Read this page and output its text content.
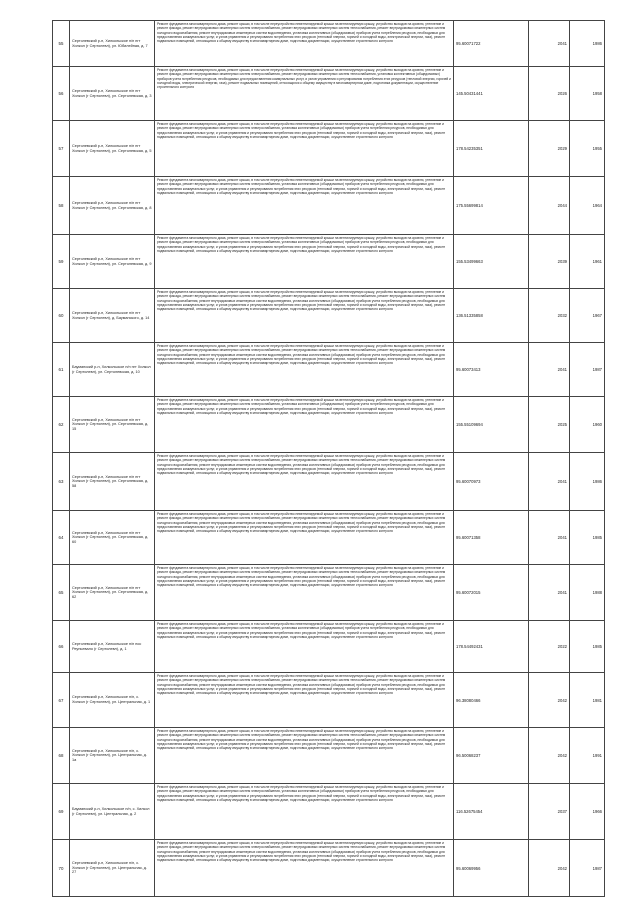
55	Сертолевский р-н, Хилкольское п/п пгт Хилкол (г Сертолевл), ул. Юбилейная, д. 7	Ремонт фундамента многоквартирного дома, ремонт крыши, в том числе переустройство невентилируемой крыши на вентилируемую крышу, устройство выходов на кровлю, утепление и ремонт фасада, ремонт внутридомовых инженерных систем электроснабжения, ремонт внутридомовых инженерных систем теплоснабжения, ремонт внутридомовых инженерных систем холодного водоснабжения, ремонт внутридомовых инженерных систем водоотведения, установка коллективных (общедомовых) приборов учета потребления ресурсов, необходимых для предоставления коммунальных услуг, и узлов управления и регулирования потребления этих ресурсов (тепловой энергии, горячей и холодной воды, электрической энергии, газа), ремонт подвальных помещений, относящихся к общему имуществу в многоквартирном доме, подготовка документации, осуществление строительного контроля	95.60071722	2041	1986
56	Сертолевский р-н, Хилкольское п/п пгт Хилкол (г Сертолевл), ул. Сертолевская, д. 3	Ремонт фундамента многоквартирного дома, ремонт крыши, в том числе переустройство невентилируемой крыши на вентилируемую крышу, устройство выходов на кровлю, утепление и ремонт фасада, ремонт внутридомовых инженерных систем электроснабжения, ремонт внутридомовых инженерных систем теплоснабжения, установка коллективных (общедомовых) приборов учета потребления ресурсов, необходимых для предоставления коммунальных услуг, и узлов управления и регулирования потребления этих ресурсов (тепловой энергии, горячей и холодной воды, электрической энергии, газа), ремонт подвальных помещений, относящихся к общему имуществу в многоквартирном доме, подготовка документации, осуществление строительного контроля	145.50431441	2026	1958
57	Сертолевский р-н, Хилкольское п/п пгт Хилкол (г Сертолевл), ул. Сертолевская, д. 5	Ремонт фундамента многоквартирного дома, ремонт крыши, в том числе переустройство невентилируемой крыши на вентилируемую крышу, устройство выходов на кровлю, утепление и ремонт фасада, ремонт внутридомовых инженерных систем электроснабжения, установка коллективных (общедомовых) приборов учета потребления ресурсов, необходимых для предоставления коммунальных услуг, и узлов управления и регулирования потребления этих ресурсов (тепловой энергии, горячей и холодной воды, электрической энергии, газа), ремонт подвальных помещений, относящихся к общему имуществу в многоквартирном доме, подготовка документации, осуществление строительного контроля	178.54235351	2029	1955
58	Сертолевский р-н, Хилкольское п/п пгт Хилкол (г Сертолевл), ул. Сертолевская, д. 8	Ремонт фундамента многоквартирного дома, ремонт крыши, в том числе переустройство невентилируемой крыши на вентилируемую крышу, устройство выходов на кровлю, утепление и ремонт фасада, ремонт внутридомовых инженерных систем электроснабжения, установка коллективных (общедомовых) приборов учета потребления ресурсов, необходимых для предоставления коммунальных услуг, и узлов управления и регулирования потребления этих ресурсов (тепловой энергии, горячей и холодной воды, электрической энергии, газа), ремонт подвальных помещений, относящихся к общему имуществу в многоквартирном доме, подготовка документации, осуществление строительного контроля	175.55699814	2044	1964
59	Сертолевский р-н, Хилкольское п/п пгт Хилкол (г Сертолевл), ул. Сертолевская, д. 9	Ремонт фундамента многоквартирного дома, ремонт крыши, в том числе переустройство невентилируемой крыши на вентилируемую крышу, устройство выходов на кровлю, утепление и ремонт фасада, ремонт внутридомовых инженерных систем электроснабжения, установка коллективных (общедомовых) приборов учета потребления ресурсов, необходимых для предоставления коммунальных услуг, и узлов управления и регулирования потребления этих ресурсов (тепловой энергии, горячей и холодной воды, электрической энергии, газа), ремонт подвальных помещений, относящихся к общему имуществу в многоквартирном доме, подготовка документации, осуществление строительного контроля	155.53499663	2039	1961
60	Сертолевский р-н, Хилкольское п/п пгт Хилкол (г Сертолевл), д. Бауманского, д. 14	Ремонт фундамента многоквартирного дома, ремонт крыши, в том числе переустройство невентилируемой крыши на вентилируемую крышу, устройство выходов на кровлю, утепление и ремонт фасада, ремонт внутридомовых инженерных систем электроснабжения, ремонт внутридомовых инженерных систем теплоснабжения, ремонт внутридомовых инженерных систем холодного водоснабжения, ремонт внутридомовых инженерных систем водоотведения, установка коллективных (общедомовых) приборов учета потребления ресурсов, необходимых для предоставления коммунальных услуг, и узлов управления и регулирования потребления этих ресурсов (тепловой энергии, горячей и холодной воды, электрической энергии, газа), ремонт подвальных помещений, относящихся к общему имуществу в многоквартирном доме, подготовка документации, осуществление строительного контроля	136.51335858	2032	1967
61	Бауманский р-н, Хилкольское п/п пгт Хилкол (г Сертолевл), ул. Сертолевская, д. 10	Ремонт фундамента многоквартирного дома, ремонт крыши, в том числе переустройство невентилируемой крыши на вентилируемую крышу, устройство выходов на кровлю, утепление и ремонт фасада, ремонт внутридомовых инженерных систем электроснабжения, ремонт внутридомовых инженерных систем теплоснабжения, ремонт внутридомовых инженерных систем холодного водоснабжения, ремонт внутридомовых инженерных систем водоотведения, установка коллективных (общедомовых) приборов учета потребления ресурсов, необходимых для предоставления коммунальных услуг, и узлов управления и регулирования потребления этих ресурсов (тепловой энергии, горячей и холодной воды, электрической энергии, газа), ремонт подвальных помещений, относящихся к общему имуществу в многоквартирном доме, подготовка документации, осуществление строительного контроля	95.60073413	2041	1987
62	Сертолевский р-н, Хилкольское п/п пгт Хилкол (г Сертолевл), ул. Сертолевская, д. 15	Ремонт фундамента многоквартирного дома, ремонт крыши, в том числе переустройство невентилируемой крыши на вентилируемую крышу, устройство выходов на кровлю, утепление и ремонт фасада, ремонт внутридомовых инженерных систем электроснабжения, установка коллективных (общедомовых) приборов учета потребления ресурсов, необходимых для предоставления коммунальных услуг, и узлов управления и регулирования потребления этих ресурсов (тепловой энергии, горячей и холодной воды, электрической энергии, газа), ремонт подвальных помещений, относящихся к общему имуществу в многоквартирном доме, подготовка документации, осуществление строительного контроля	155.55109694	2025	1960
63	Сертолевский р-н, Хилкольское п/п пгт Хилкол (г Сертолевл), ул. Сертолевская, д. 58	Ремонт фундамента многоквартирного дома, ремонт крыши, в том числе переустройство невентилируемой крыши на вентилируемую крышу, устройство выходов на кровлю, утепление и ремонт фасада, ремонт внутридомовых инженерных систем электроснабжения, ремонт внутридомовых инженерных систем теплоснабжения, ремонт внутридомовых инженерных систем холодного водоснабжения, ремонт внутридомовых инженерных систем водоотведения, установка коллективных (общедомовых) приборов учета потребления ресурсов, необходимых для предоставления коммунальных услуг, и узлов управления и регулирования потребления этих ресурсов (тепловой энергии, горячей и холодной воды, электрической энергии, газа), ремонт подвальных помещений, относящихся к общему имуществу в многоквартирном доме, подготовка документации, осуществление строительного контроля	95.60070973	2041	1986
64	Сертолевский р-н, Хилкольское п/п пгт Хилкол (г Сертолевл), ул. Сертолевская, д. 60	Ремонт фундамента многоквартирного дома, ремонт крыши, в том числе переустройство невентилируемой крыши на вентилируемую крышу, устройство выходов на кровлю, утепление и ремонт фасада, ремонт внутридомовых инженерных систем электроснабжения, ремонт внутридомовых инженерных систем теплоснабжения, ремонт внутридомовых инженерных систем холодного водоснабжения, ремонт внутридомовых инженерных систем водоотведения, установка коллективных (общедомовых) приборов учета потребления ресурсов, необходимых для предоставления коммунальных услуг, и узлов управления и регулирования потребления этих ресурсов (тепловой энергии, горячей и холодной воды, электрической энергии, газа), ремонт подвальных помещений, относящихся к общему имуществу в многоквартирном доме, подготовка документации, осуществление строительного контроля	95.60071358	2041	1985
65	Сертолевский р-н, Хилкольское п/п пгт Хилкол (г Сертолевл), ул. Сертолевская, д. 62	Ремонт фундамента многоквартирного дома, ремонт крыши, в том числе переустройство невентилируемой крыши на вентилируемую крышу, устройство выходов на кровлю, утепление и ремонт фасада, ремонт внутридомовых инженерных систем электроснабжения, ремонт внутридомовых инженерных систем теплоснабжения, ремонт внутридомовых инженерных систем холодного водоснабжения, ремонт внутридомовых инженерных систем водоотведения, установка коллективных (общедомовых) приборов учета потребления ресурсов, необходимых для предоставления коммунальных услуг, и узлов управления и регулирования потребления этих ресурсов (тепловой энергии, горячей и холодной воды, электрической энергии, газа), ремонт подвальных помещений, относящихся к общему имуществу в многоквартирном доме, подготовка документации, осуществление строительного контроля	95.60072015	2041	1988
66	Сертолевский р-н, Хилкольское п/п пос Реупьевало (г Сертолевл), д. 1	Ремонт фундамента многоквартирного дома, ремонт крыши, в том числе переустройство невентилируемой крыши на вентилируемую крышу, устройство выходов на кровлю, утепление и ремонт фасада, ремонт внутридомовых инженерных систем электроснабжения, установка коллективных (общедомовых) приборов учета потребления ресурсов, необходимых для предоставления коммунальных услуг, и узлов управления и регулирования потребления этих ресурсов (тепловой энергии, горячей и холодной воды, электрической энергии, газа), ремонт подвальных помещений, относящихся к общему имуществу в многоквартирном доме, подготовка документации, осуществление строительного контроля	178.54492431	2022	1985
67	Сертолевский р-н, Хилкольское п/п, с. Хилкол (г Сертолевл), ул. Центральная, д. 1	Ремонт фундамента многоквартирного дома, ремонт крыши, в том числе переустройство невентилируемой крыши на вентилируемую крышу, устройство выходов на кровлю, утепление и ремонт фасада, ремонт внутридомовых инженерных систем электроснабжения, ремонт внутридомовых инженерных систем теплоснабжения, ремонт внутридомовых инженерных систем холодного водоснабжения, ремонт внутридомовых инженерных систем водоотведения, установка коллективных (общедомовых) приборов учета потребления ресурсов, необходимых для предоставления коммунальных услуг, и узлов управления и регулирования потребления этих ресурсов (тепловой энергии, горячей и холодной воды, электрической энергии, газа), ремонт подвальных помещений, относящихся к общему имуществу в многоквартирном доме, подготовка документации, осуществление строительного контроля	96.38080466	2042	1981
68	Сертолевский р-н, Хилкольское п/п, с. Хилкол (г Сертолевл), ул. Центральная, д. 1а	Ремонт фундамента многоквартирного дома, ремонт крыши, в том числе переустройство невентилируемой крыши на вентилируемую крышу, устройство выходов на кровлю, утепление и ремонт фасада, ремонт внутридомовых инженерных систем электроснабжения, ремонт внутридомовых инженерных систем теплоснабжения, ремонт внутридомовых инженерных систем холодного водоснабжения, ремонт внутридомовых инженерных систем водоотведения, установка коллективных (общедомовых) приборов учета потребления ресурсов, необходимых для предоставления коммунальных услуг, и узлов управления и регулирования потребления этих ресурсов (тепловой энергии, горячей и холодной воды, электрической энергии, газа), ремонт подвальных помещений, относящихся к общему имуществу в многоквартирном доме, подготовка документации, осуществление строительного контроля	96.50068237	2042	1991
69	Бауманский р-н, Хилкольское п/п, с. Хилкол (г Сертолевл), ул. Центральная, д. 2	Ремонт фундамента многоквартирного дома, ремонт крыши, в том числе переустройство невентилируемой крыши на вентилируемую крышу, устройство выходов на кровлю, утепление и ремонт фасада, ремонт внутридомовых инженерных систем электроснабжения, установка коллективных (общедомовых) приборов учета потребления ресурсов, необходимых для предоставления коммунальных услуг, и узлов управления и регулирования потребления этих ресурсов (тепловой энергии, горячей и холодной воды, электрической энергии, газа), ремонт подвальных помещений, относящихся к общему имуществу в многоквартирном доме, подготовка документации, осуществление строительного контроля	116.52675454	2037	1966
70	Сертолевский р-н, Хилкольское п/п, с. Хилкол (г Сертолевл), ул. Центральная, д. 27	Ремонт фундамента многоквартирного дома, ремонт крыши, в том числе переустройство невентилируемой крыши на вентилируемую крышу, устройство выходов на кровлю, утепление и ремонт фасада, ремонт внутридомовых инженерных систем электроснабжения, ремонт внутридомовых инженерных систем теплоснабжения, ремонт внутридомовых инженерных систем холодного водоснабжения, ремонт внутридомовых инженерных систем водоотведения, установка коллективных (общедомовых) приборов учета потребления ресурсов, необходимых для предоставления коммунальных услуг, и узлов управления и регулирования потребления этих ресурсов (тепловой энергии, горячей и холодной воды, электрической энергии, газа), ремонт подвальных помещений, относящихся к общему имуществу в многоквартирном доме, подготовка документации, осуществление строительного контроля	95.60069956	2042	1987
